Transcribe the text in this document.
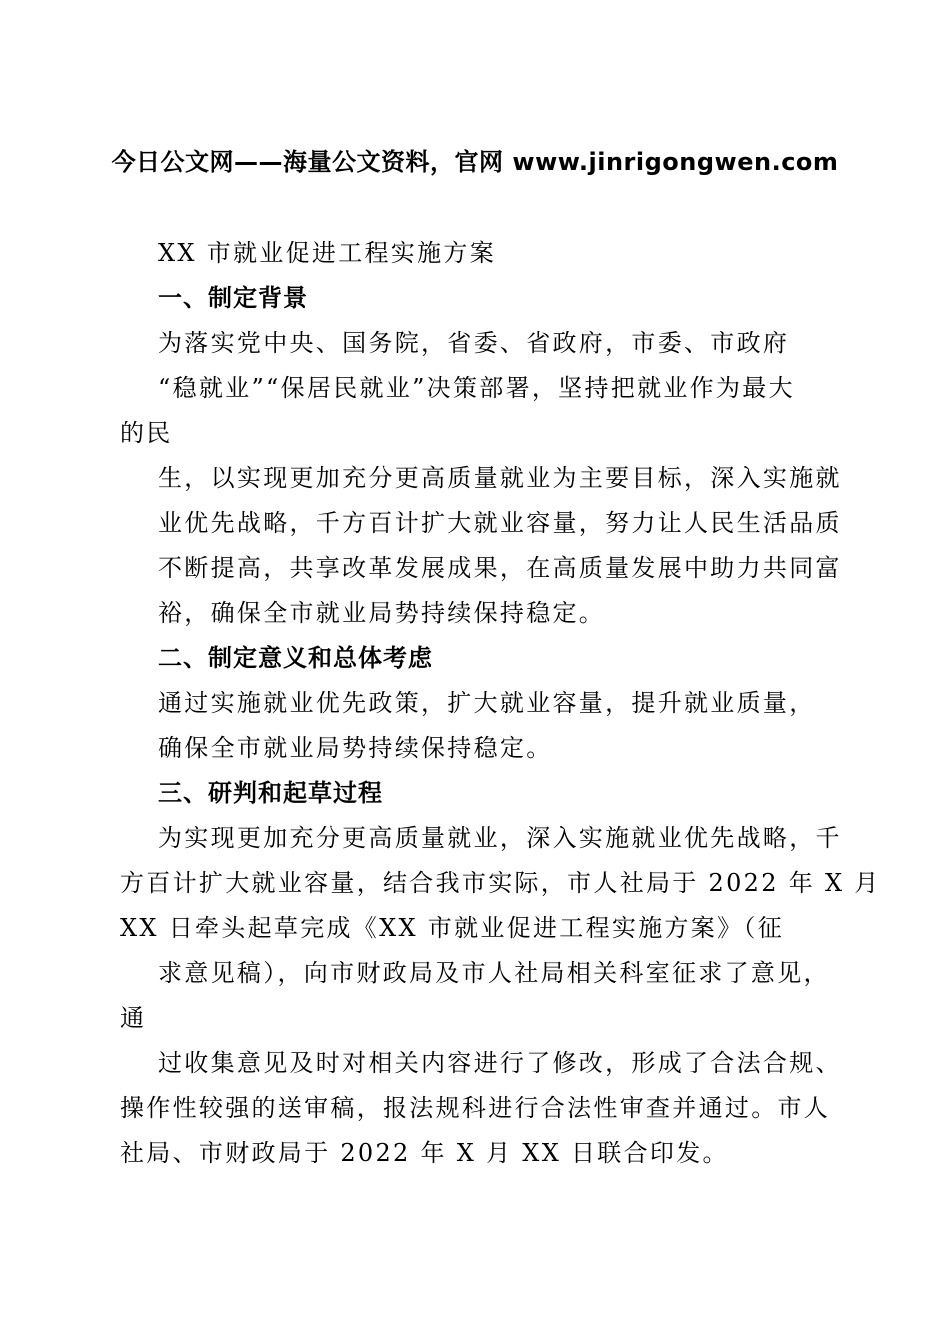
今日公文网——海量公文资料，官网 www.jinrigongwen.com
XX 市就业促进工程实施方案
一、制定背景
为落实党中央、国务院，省委、省政府，市委、市政府
“稳就业”“保居民就业”决策部署，坚持把就业作为最大
的民
生，以实现更加充分更高质量就业为主要目标，深入实施就
业优先战略，千方百计扩大就业容量，努力让人民生活品质
不断提高，共享改革发展成果，在高质量发展中助力共同富
裕，确保全市就业局势持续保持稳定。
二、制定意义和总体考虑
通过实施就业优先政策，扩大就业容量，提升就业质量，
确保全市就业局势持续保持稳定。
三、研判和起草过程
为实现更加充分更高质量就业，深入实施就业优先战略，千
方百计扩大就业容量，结合我市实际，市人社局于 2022 年 X 月
XX 日牵头起草完成《XX 市就业促进工程实施方案》（征
求意见稿），向市财政局及市人社局相关科室征求了意见，
通
过收集意见及时对相关内容进行了修改，形成了合法合规、
操作性较强的送审稿，报法规科进行合法性审查并通过。市人
社局、市财政局于 2022 年 X 月 XX 日联合印发。
